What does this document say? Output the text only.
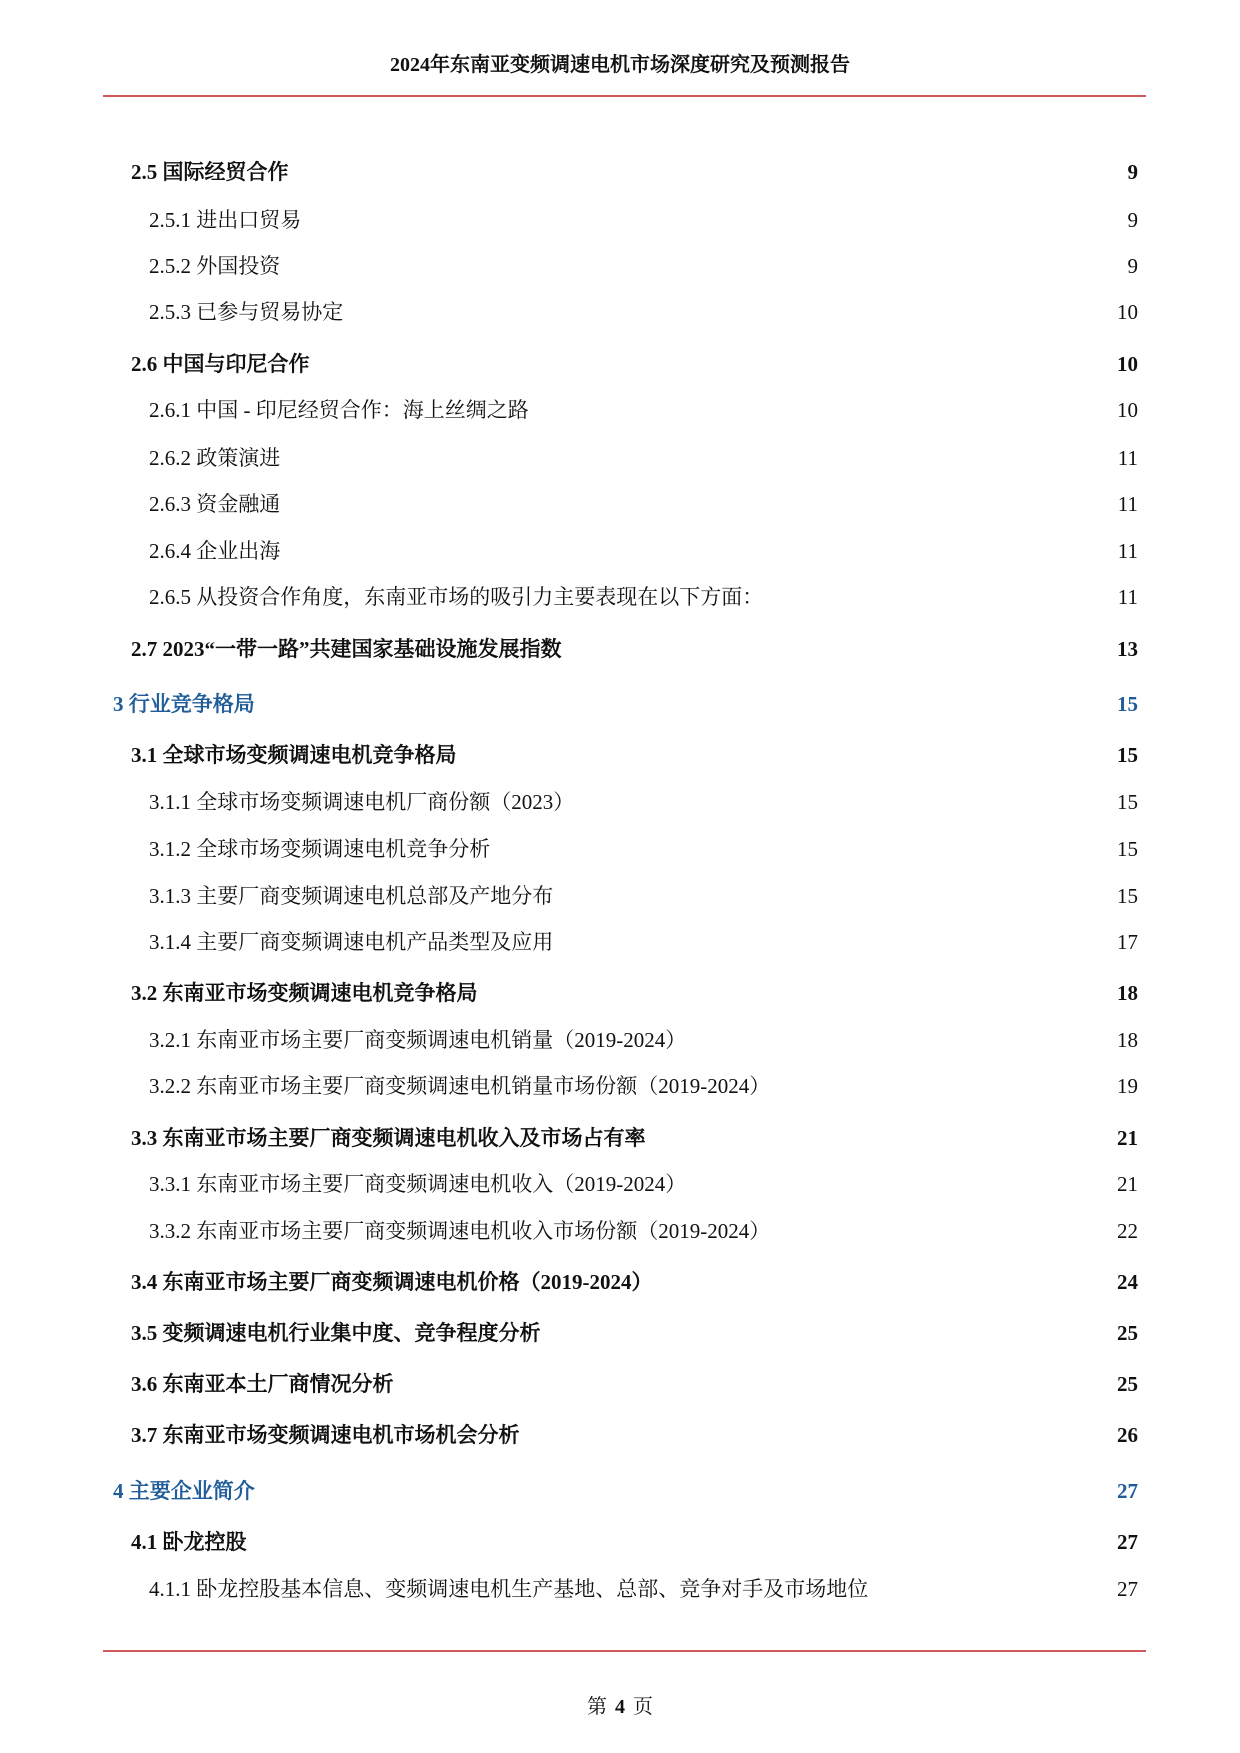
2024年东南亚变频调速电机市场深度研究及预测报告
2.5 国际经贸合作	9
2.5.1 进出口贸易	9
2.5.2 外国投资	9
2.5.3 已参与贸易协定	10
2.6 中国与印尼合作	10
2.6.1 中国 - 印尼经贸合作：海上丝绸之路	10
2.6.2 政策演进	11
2.6.3 资金融通	11
2.6.4 企业出海	11
2.6.5 从投资合作角度，东南亚市场的吸引力主要表现在以下方面：	11
2.7 2023“一带一路”共建国家基础设施发展指数	13
3 行业竞争格局	15
3.1 全球市场变频调速电机竞争格局	15
3.1.1 全球市场变频调速电机厂商份额（2023）	15
3.1.2 全球市场变频调速电机竞争分析	15
3.1.3 主要厂商变频调速电机总部及产地分布	15
3.1.4 主要厂商变频调速电机产品类型及应用	17
3.2 东南亚市场变频调速电机竞争格局	18
3.2.1 东南亚市场主要厂商变频调速电机销量（2019-2024）	18
3.2.2 东南亚市场主要厂商变频调速电机销量市场份额（2019-2024）	19
3.3 东南亚市场主要厂商变频调速电机收入及市场占有率	21
3.3.1 东南亚市场主要厂商变频调速电机收入（2019-2024）	21
3.3.2 东南亚市场主要厂商变频调速电机收入市场份额（2019-2024）	22
3.4 东南亚市场主要厂商变频调速电机价格（2019-2024）	24
3.5 变频调速电机行业集中度、竞争程度分析	25
3.6 东南亚本土厂商情况分析	25
3.7 东南亚市场变频调速电机市场机会分析	26
4 主要企业简介	27
4.1 卧龙控股	27
4.1.1 卧龙控股基本信息、变频调速电机生产基地、总部、竞争对手及市场地位	27
第 4 页
